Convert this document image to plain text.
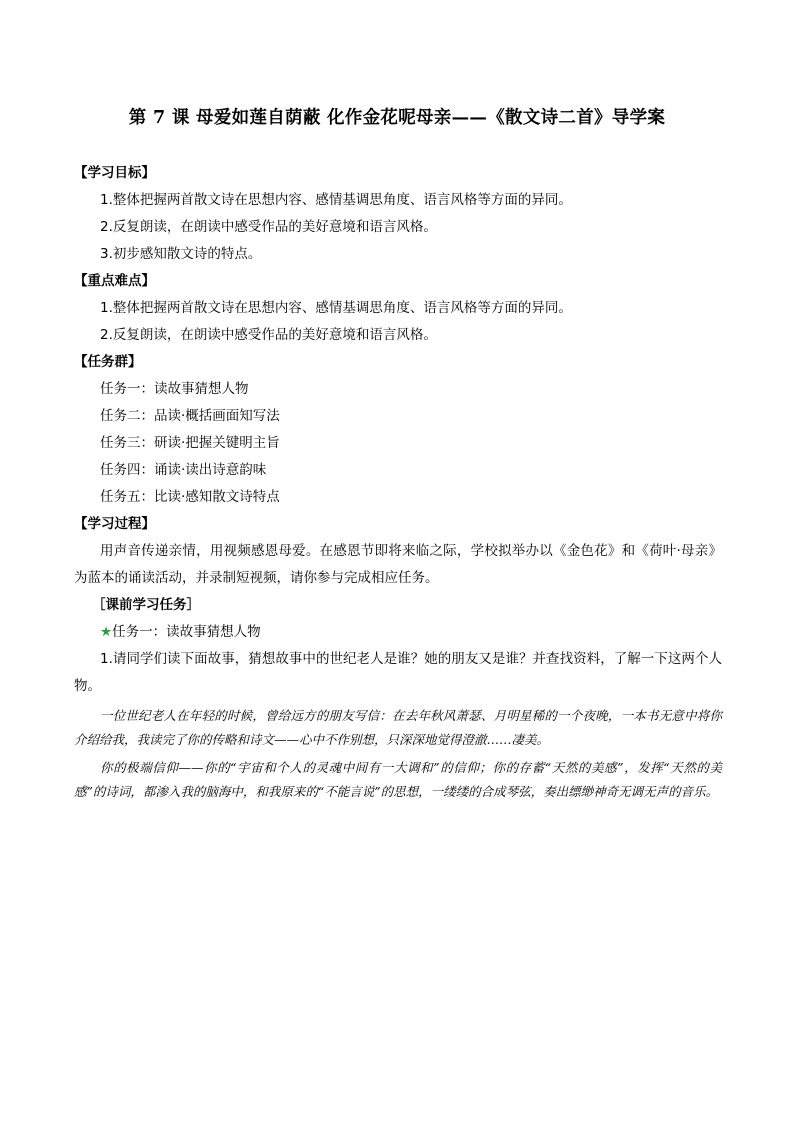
第 7 课 母爱如莲自荫蔽 化作金花呢母亲——《散文诗二首》导学案
【学习目标】
1.整体把握两首散文诗在思想内容、感情基调思角度、语言风格等方面的异同。
2.反复朗读，在朗读中感受作品的美好意境和语言风格。
3.初步感知散文诗的特点。
【重点难点】
1.整体把握两首散文诗在思想内容、感情基调思角度、语言风格等方面的异同。
2.反复朗读，在朗读中感受作品的美好意境和语言风格。
【任务群】
任务一：读故事猜想人物
任务二：品读·概括画面知写法
任务三：研读·把握关键明主旨
任务四：诵读·读出诗意韵味
任务五：比读·感知散文诗特点
【学习过程】
用声音传递亲情，用视频感恩母爱。在感恩节即将来临之际，学校拟举办以《金色花》和《荷叶·母亲》为蓝本的诵读活动，并录制短视频，请你参与完成相应任务。
［课前学习任务］
★任务一：读故事猜想人物
1.请同学们读下面故事，猜想故事中的世纪老人是谁？她的朋友又是谁？并查找资料，了解一下这两个人物。
一位世纪老人在年轻的时候，曾给远方的朋友写信：在去年秋风萧瑟、月明星稀的一个夜晚，一本书无意中将你介绍给我，我读完了你的传略和诗文——心中不作别想，只深深地觉得澄澈……凄美。
你的极端信仰——你的“宇宙和个人的灵魂中间有一大调和”的信仰；你的存蓄“天然的美感”，发挥“天然的美感”的诗词，都渗入我的脑海中，和我原来的“不能言说”的思想，一缕缕的合成琴弦，奏出缥缈神奇无调无声的音乐。
